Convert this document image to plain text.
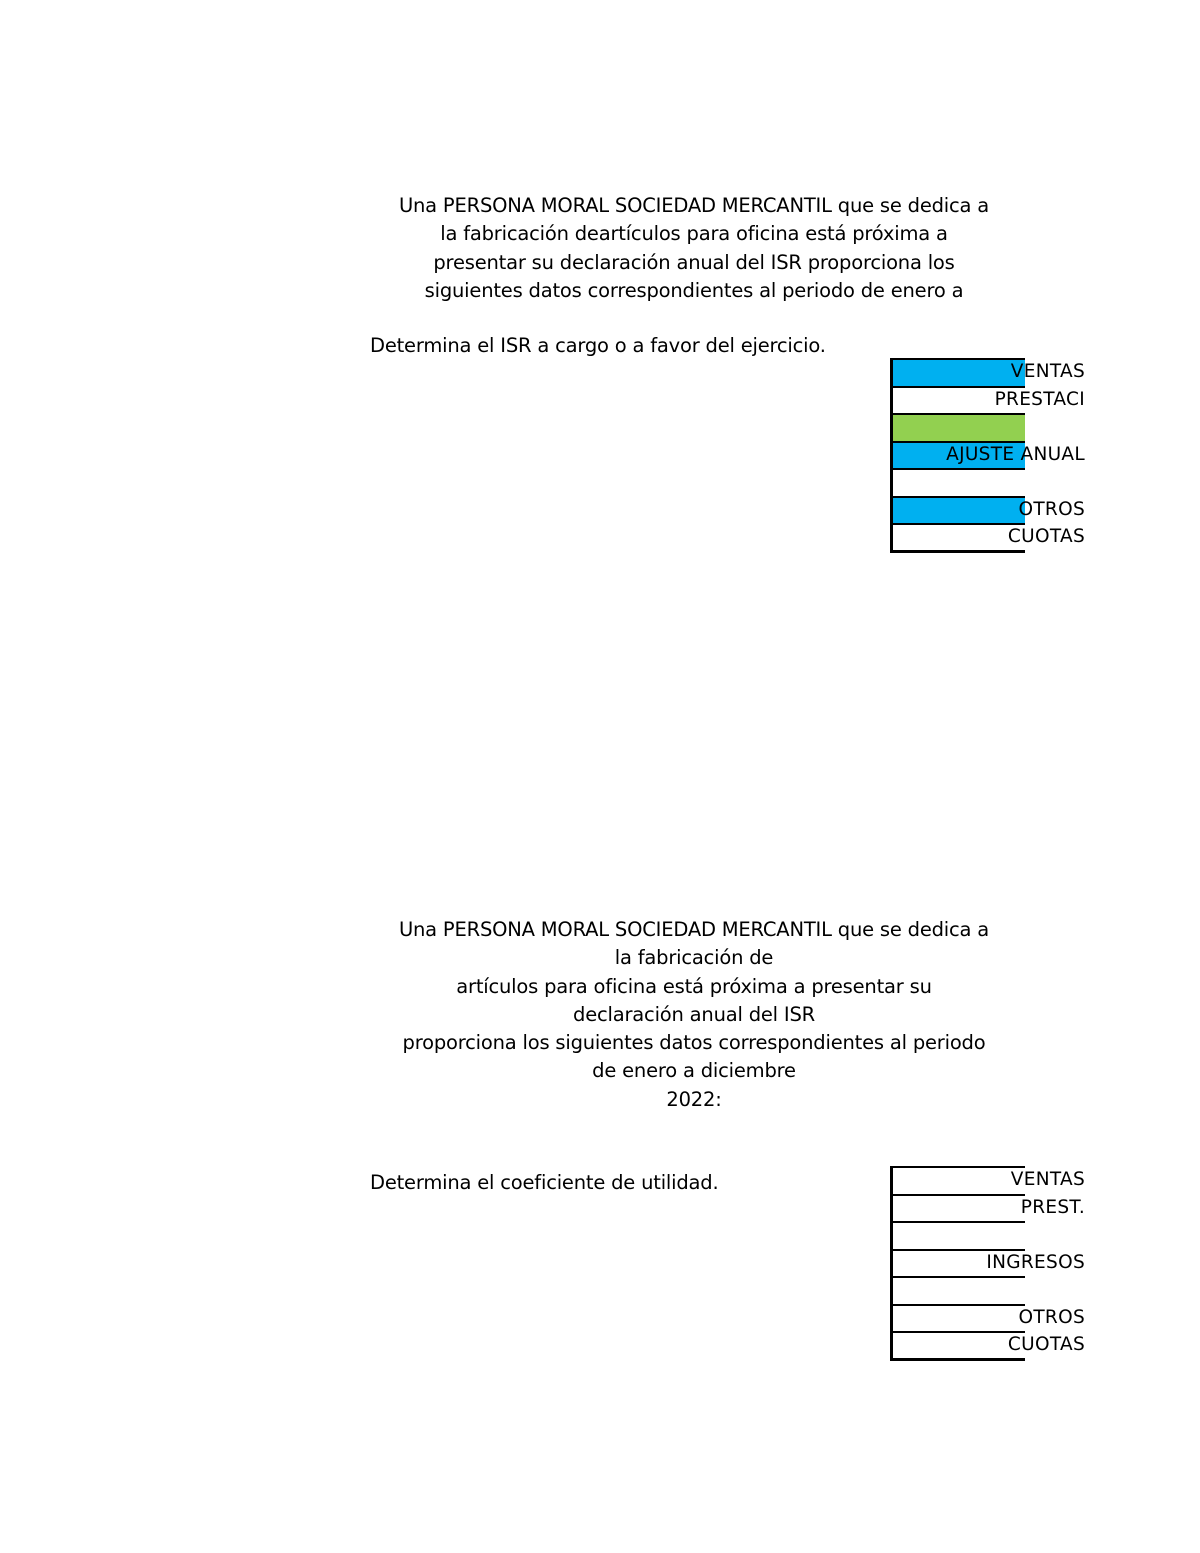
Una PERSONA MORAL SOCIEDAD MERCANTIL que se dedica a
la fabricación deartículos para oficina está próxima a
presentar su declaración anual del ISR proporciona los
siguientes datos correspondientes al periodo de enero a
Determina el ISR a cargo o a favor del ejercicio.
VENTAS
PRESTACI
AJUSTE ANUAL
OTROS
CUOTAS
Una PERSONA MORAL SOCIEDAD MERCANTIL que se dedica a
la fabricación de
artículos para oficina está próxima a presentar su
declaración anual del ISR
proporciona los siguientes datos correspondientes al periodo
de enero a diciembre
2022:
Determina el coeficiente de utilidad.	VENTAS
PREST.
INGRESOS
OTROS
CUOTAS
